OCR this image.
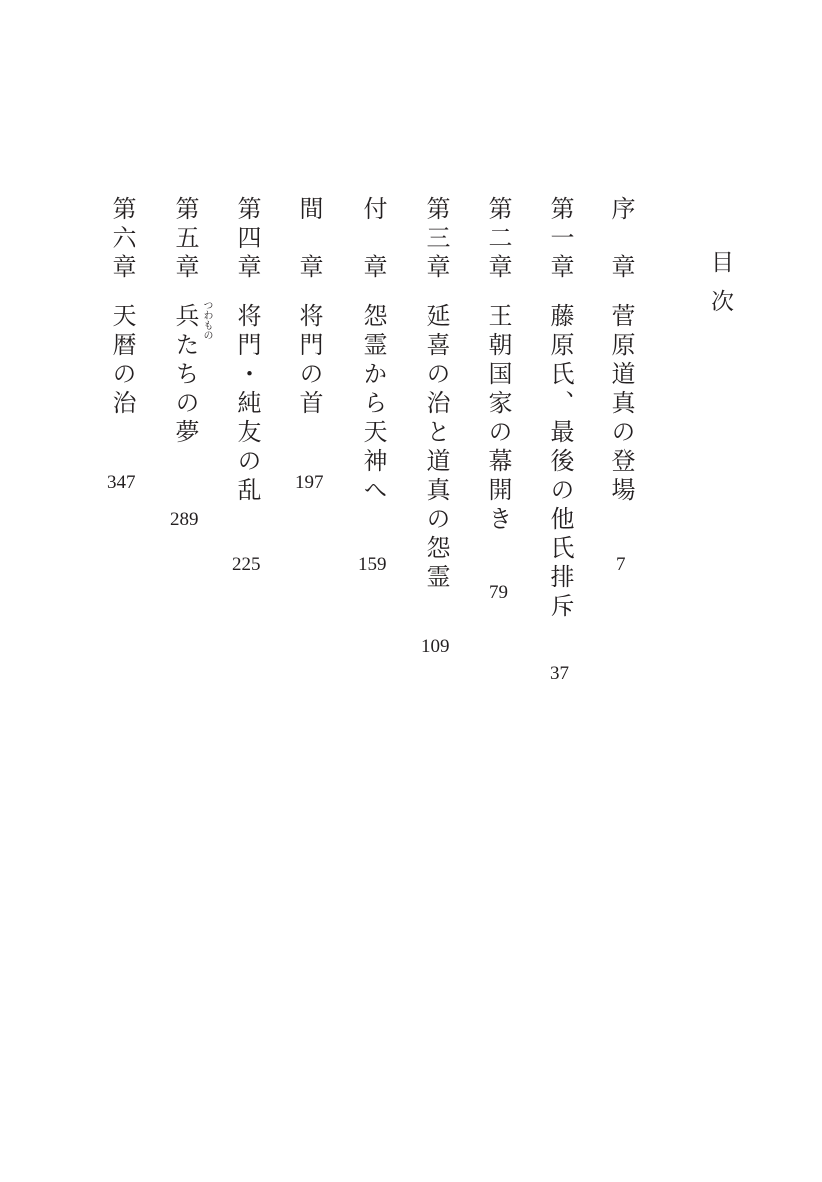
目次
序　章
菅原道真の登場
7
第一章
藤原氏、最後の他氏排斥
37
第二章
王朝国家の幕開き
79
第三章
延喜の治と道真の怨霊
109
付　章
怨霊から天神へ
159
間　章
将門の首
197
第四章
将門・純友の乱
225
第五章
つわもの
兵たちの夢
289
第六章
天暦の治
347
